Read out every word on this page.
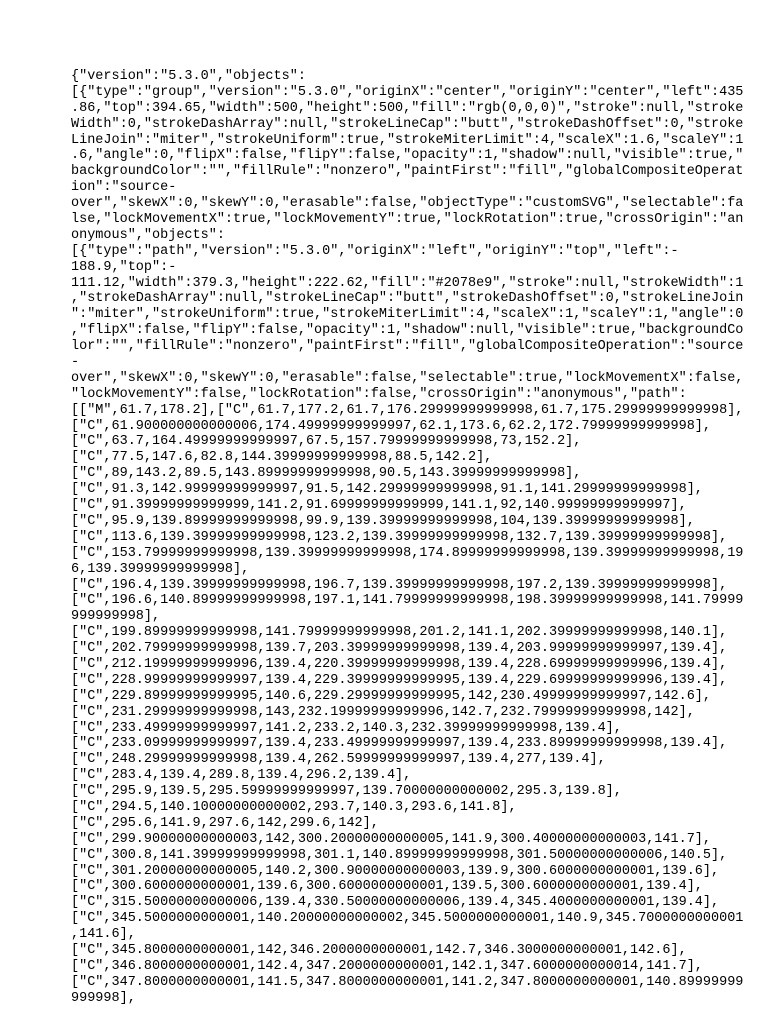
{"version":"5.3.0","objects":
[{"type":"group","version":"5.3.0","originX":"center","originY":"center","left":435
.86,"top":394.65,"width":500,"height":500,"fill":"rgb(0,0,0)","stroke":null,"stroke
Width":0,"strokeDashArray":null,"strokeLineCap":"butt","strokeDashOffset":0,"stroke
LineJoin":"miter","strokeUniform":true,"strokeMiterLimit":4,"scaleX":1.6,"scaleY":1
.6,"angle":0,"flipX":false,"flipY":false,"opacity":1,"shadow":null,"visible":true,"
backgroundColor":"","fillRule":"nonzero","paintFirst":"fill","globalCompositeOperat
ion":"source-
over","skewX":0,"skewY":0,"erasable":false,"objectType":"customSVG","selectable":fa
lse,"lockMovementX":true,"lockMovementY":true,"lockRotation":true,"crossOrigin":"an
onymous","objects":
[{"type":"path","version":"5.3.0","originX":"left","originY":"top","left":-
188.9,"top":-
111.12,"width":379.3,"height":222.62,"fill":"#2078e9","stroke":null,"strokeWidth":1
,"strokeDashArray":null,"strokeLineCap":"butt","strokeDashOffset":0,"strokeLineJoin
":"miter","strokeUniform":true,"strokeMiterLimit":4,"scaleX":1,"scaleY":1,"angle":0
,"flipX":false,"flipY":false,"opacity":1,"shadow":null,"visible":true,"backgroundCo
lor":"","fillRule":"nonzero","paintFirst":"fill","globalCompositeOperation":"source
-
over","skewX":0,"skewY":0,"erasable":false,"selectable":true,"lockMovementX":false,
"lockMovementY":false,"lockRotation":false,"crossOrigin":"anonymous","path":
[["M",61.7,178.2],["C",61.7,177.2,61.7,176.29999999999998,61.7,175.29999999999998],
["C",61.900000000000006,174.49999999999997,62.1,173.6,62.2,172.79999999999998],
["C",63.7,164.49999999999997,67.5,157.79999999999998,73,152.2],
["C",77.5,147.6,82.8,144.39999999999998,88.5,142.2],
["C",89,143.2,89.5,143.89999999999998,90.5,143.39999999999998],
["C",91.3,142.99999999999997,91.5,142.29999999999998,91.1,141.29999999999998],
["C",91.39999999999999,141.2,91.69999999999999,141.1,92,140.99999999999997],
["C",95.9,139.89999999999998,99.9,139.39999999999998,104,139.39999999999998],
["C",113.6,139.39999999999998,123.2,139.39999999999998,132.7,139.39999999999998],
["C",153.79999999999998,139.39999999999998,174.89999999999998,139.39999999999998,19
6,139.39999999999998],
["C",196.4,139.39999999999998,196.7,139.39999999999998,197.2,139.39999999999998],
["C",196.6,140.89999999999998,197.1,141.79999999999998,198.39999999999998,141.79999
999999998],
["C",199.89999999999998,141.79999999999998,201.2,141.1,202.39999999999998,140.1],
["C",202.79999999999998,139.7,203.39999999999998,139.4,203.99999999999997,139.4],
["C",212.19999999999996,139.4,220.39999999999998,139.4,228.69999999999996,139.4],
["C",228.99999999999997,139.4,229.39999999999995,139.4,229.69999999999996,139.4],
["C",229.89999999999995,140.6,229.29999999999995,142,230.49999999999997,142.6],
["C",231.29999999999998,143,232.19999999999996,142.7,232.79999999999998,142],
["C",233.49999999999997,141.2,233.2,140.3,232.39999999999998,139.4],
["C",233.09999999999997,139.4,233.49999999999997,139.4,233.89999999999998,139.4],
["C",248.29999999999998,139.4,262.59999999999997,139.4,277,139.4],
["C",283.4,139.4,289.8,139.4,296.2,139.4],
["C",295.9,139.5,295.59999999999997,139.70000000000002,295.3,139.8],
["C",294.5,140.10000000000002,293.7,140.3,293.6,141.8],
["C",295.6,141.9,297.6,142,299.6,142],
["C",299.90000000000003,142,300.20000000000005,141.9,300.40000000000003,141.7],
["C",300.8,141.39999999999998,301.1,140.89999999999998,301.50000000000006,140.5],
["C",301.20000000000005,140.2,300.90000000000003,139.9,300.6000000000001,139.6],
["C",300.6000000000001,139.6,300.6000000000001,139.5,300.6000000000001,139.4],
["C",315.50000000000006,139.4,330.50000000000006,139.4,345.4000000000001,139.4],
["C",345.5000000000001,140.20000000000002,345.5000000000001,140.9,345.7000000000001
,141.6],
["C",345.8000000000001,142,346.2000000000001,142.7,346.3000000000001,142.6],
["C",346.8000000000001,142.4,347.2000000000001,142.1,347.6000000000014,141.7],
["C",347.8000000000001,141.5,347.8000000000001,141.2,347.8000000000001,140.89999999
999998],
